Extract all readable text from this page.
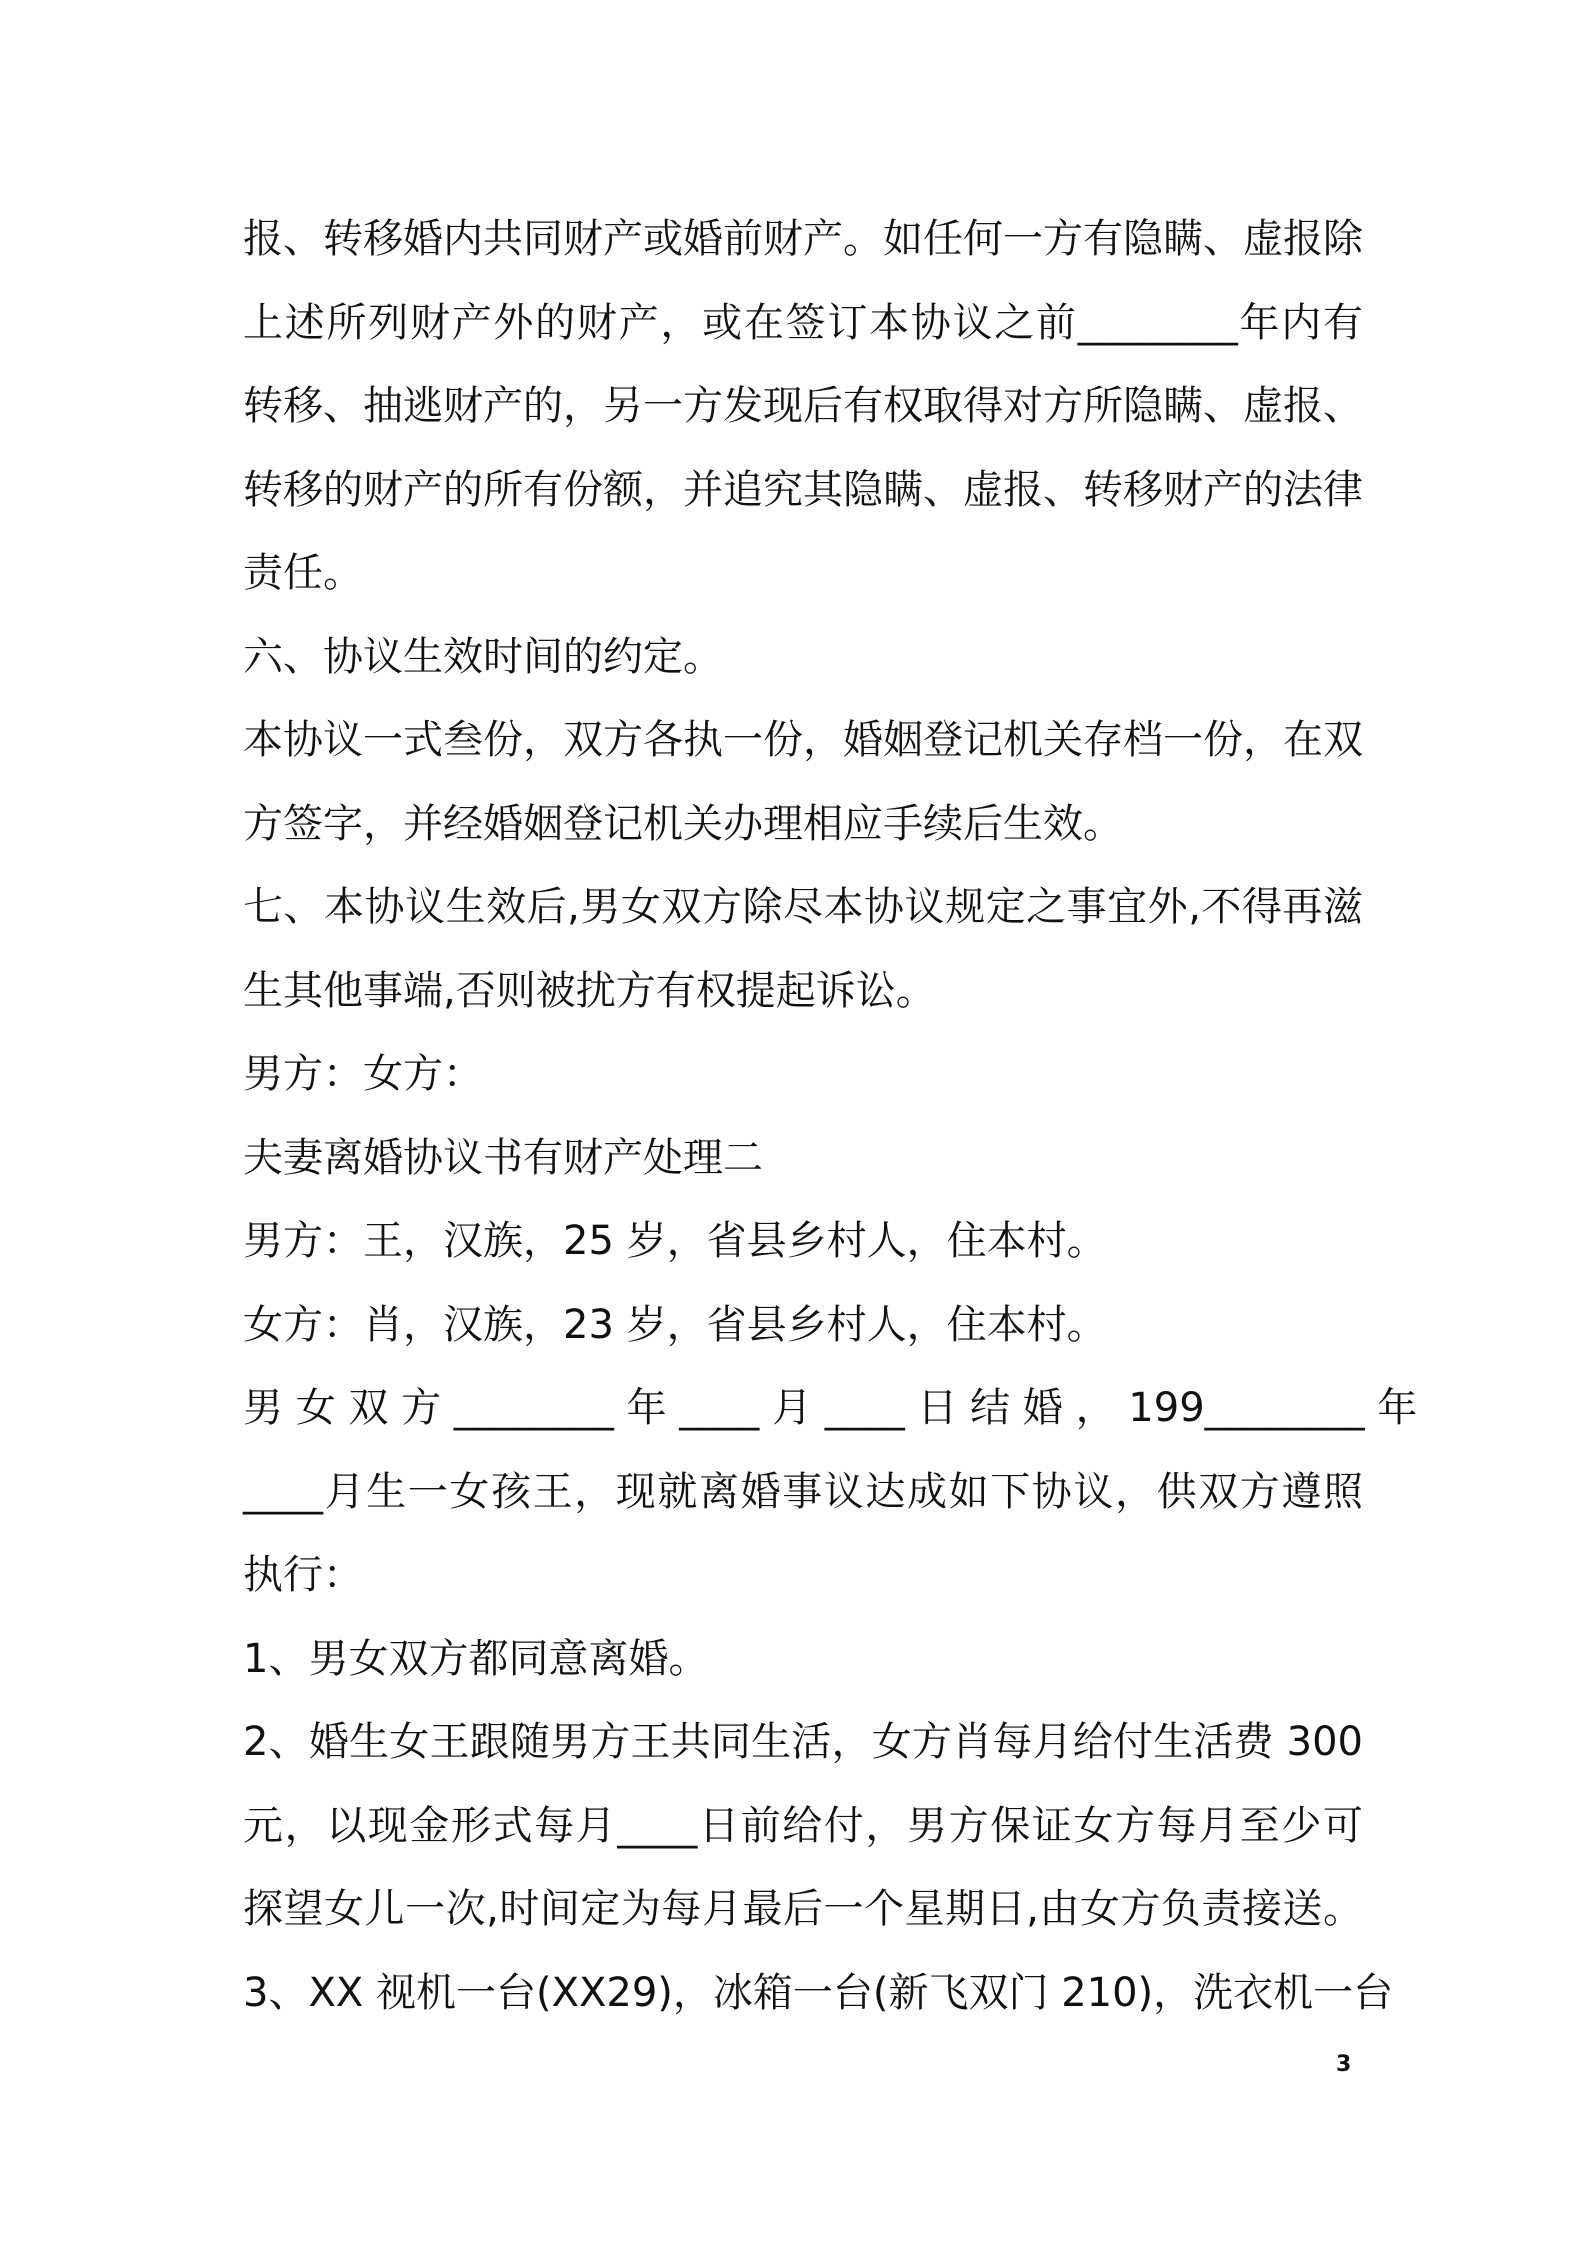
报、转移婚内共同财产或婚前财产。如任何一方有隐瞒、虚报除
上述所列财产外的财产，或在签订本协议之前________年内有
转移、抽逃财产的，另一方发现后有权取得对方所隐瞒、虚报、
转移的财产的所有份额，并追究其隐瞒、虚报、转移财产的法律
责任。
六、协议生效时间的约定。
本协议一式叁份，双方各执一份，婚姻登记机关存档一份，在双
方签字，并经婚姻登记机关办理相应手续后生效。
七、本协议生效后,男女双方除尽本协议规定之事宜外,不得再滋
生其他事端,否则被扰方有权提起诉讼。
男方：女方：
夫妻离婚协议书有财产处理二
男方：王，汉族，25 岁，省县乡村人，住本村。
女方：肖，汉族，23 岁，省县乡村人，住本村。
男 女 双 方 ________ 年 ____ 月 ____ 日 结 婚 ， 199________ 年
____月生一女孩王，现就离婚事议达成如下协议，供双方遵照
执行：
1、男女双方都同意离婚。
2、婚生女王跟随男方王共同生活，女方肖每月给付生活费 300
元，以现金形式每月____日前给付，男方保证女方每月至少可
探望女儿一次,时间定为每月最后一个星期日,由女方负责接送。
3、XX 视机一台(XX29)，冰箱一台(新飞双门 210)，洗衣机一台
3
